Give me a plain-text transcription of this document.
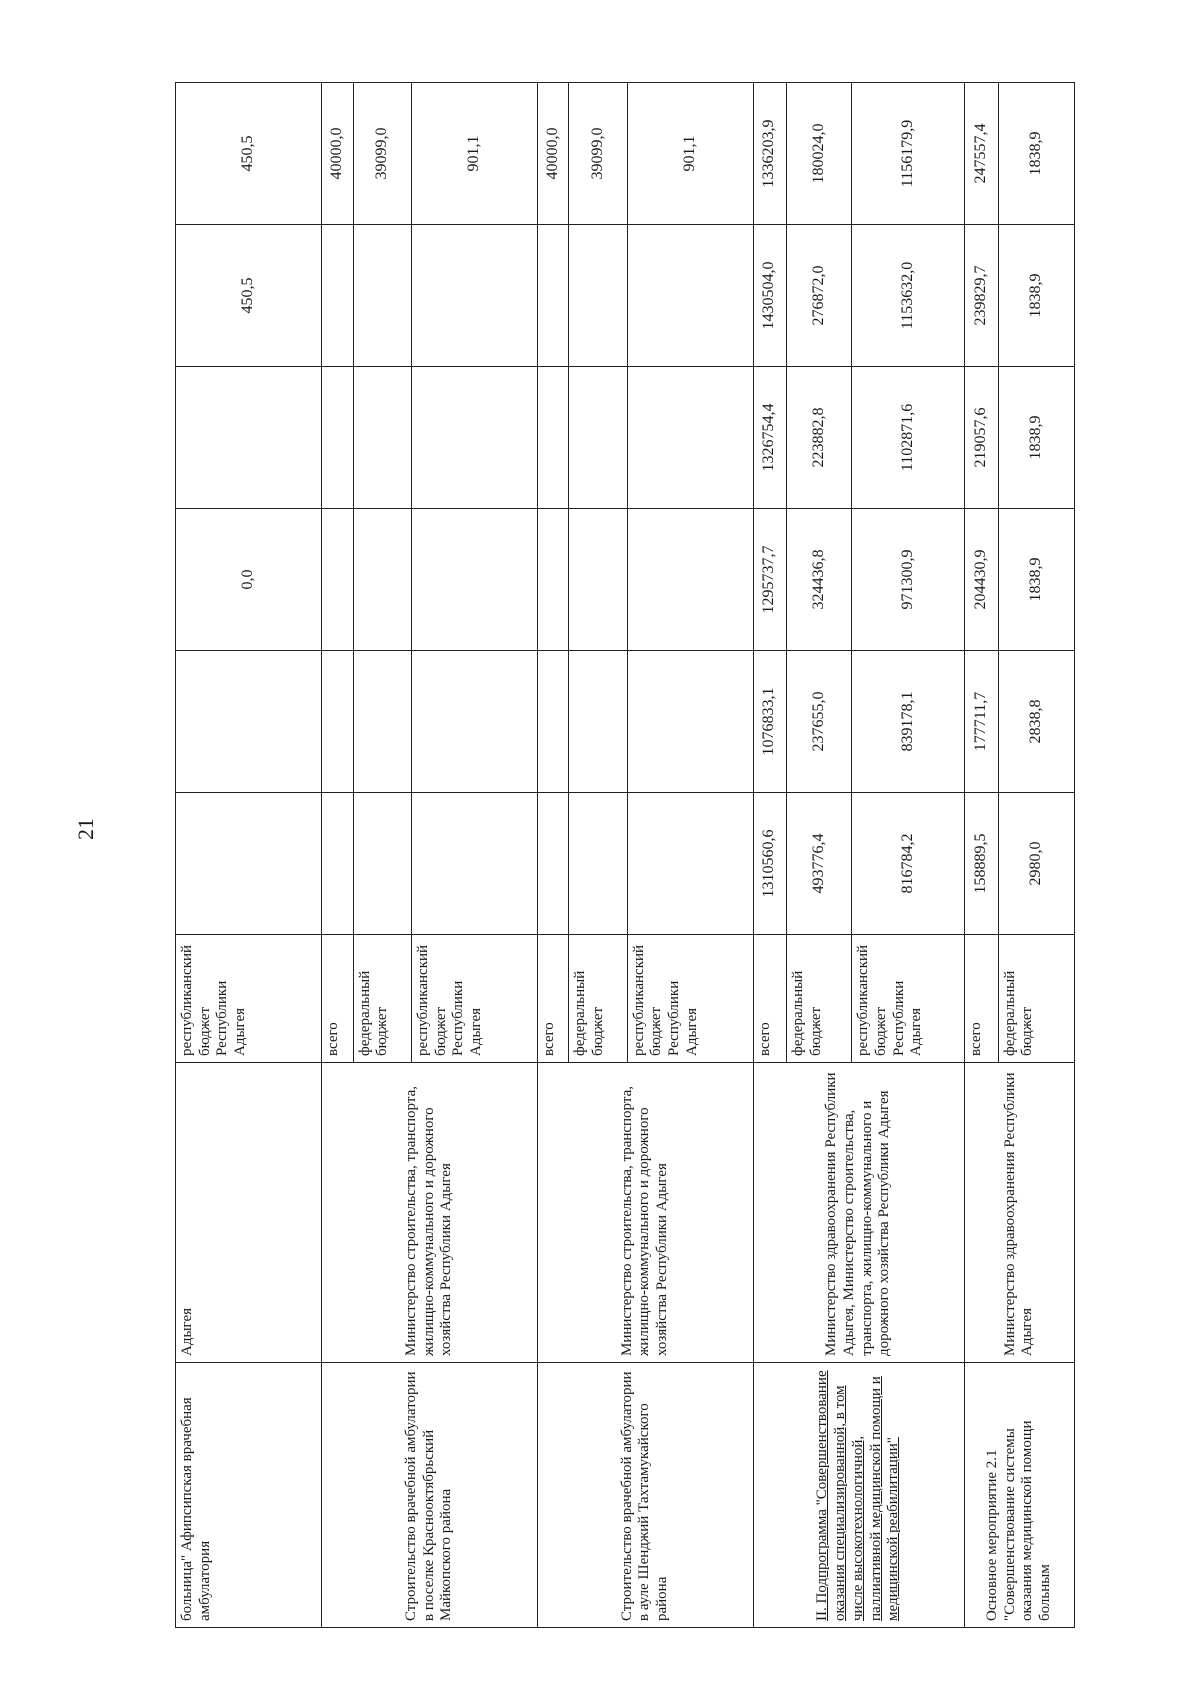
21
больница" Афипсипская врачебная амбулатория	Адыгея	республиканский бюджет Республики Адыгея			0,0		450,5	450,5
Строительство врачебной амбулатории в поселке Краснооктябрьский Майкопского района	Министерство строительства, транспорта, жилищно-коммунального и дорожного хозяйства Республики Адыгея	всего						40000,0
		федеральный бюджет						39099,0
		республиканский бюджет Республики Адыгея						901,1
Строительство врачебной амбулатории в ауле Шенджий Тахтамукайского района	Министерство строительства, транспорта, жилищно-коммунального и дорожного хозяйства Республики Адыгея	всего						40000,0
		федеральный бюджет						39099,0
		республиканский бюджет Республики Адыгея						901,1
II. Подпрограмма "Совершенствование оказания специализированной, в том числе высокотехнологичной, паллиативной медицинской помощи и медицинской реабилитации"	Министерство здравоохранения Республики Адыгея, Министерство строительства, транспорта, жилищно-коммунального и дорожного хозяйства Республики Адыгея	всего	1310560,6	1076833,1	1295737,7	1326754,4	1430504,0	1336203,9
		федеральный бюджет	493776,4	237655,0	324436,8	223882,8	276872,0	180024,0
		республиканский бюджет Республики Адыгея	816784,2	839178,1	971300,9	1102871,6	1153632,0	1156179,9
Основное мероприятие 2.1 "Совершенствование системы оказания медицинской помощи больным	Министерство здравоохранения Республики Адыгея	всего	158889,5	177711,7	204430,9	219057,6	239829,7	247557,4
		федеральный бюджет	2980,0	2838,8	1838,9	1838,9	1838,9	1838,9
